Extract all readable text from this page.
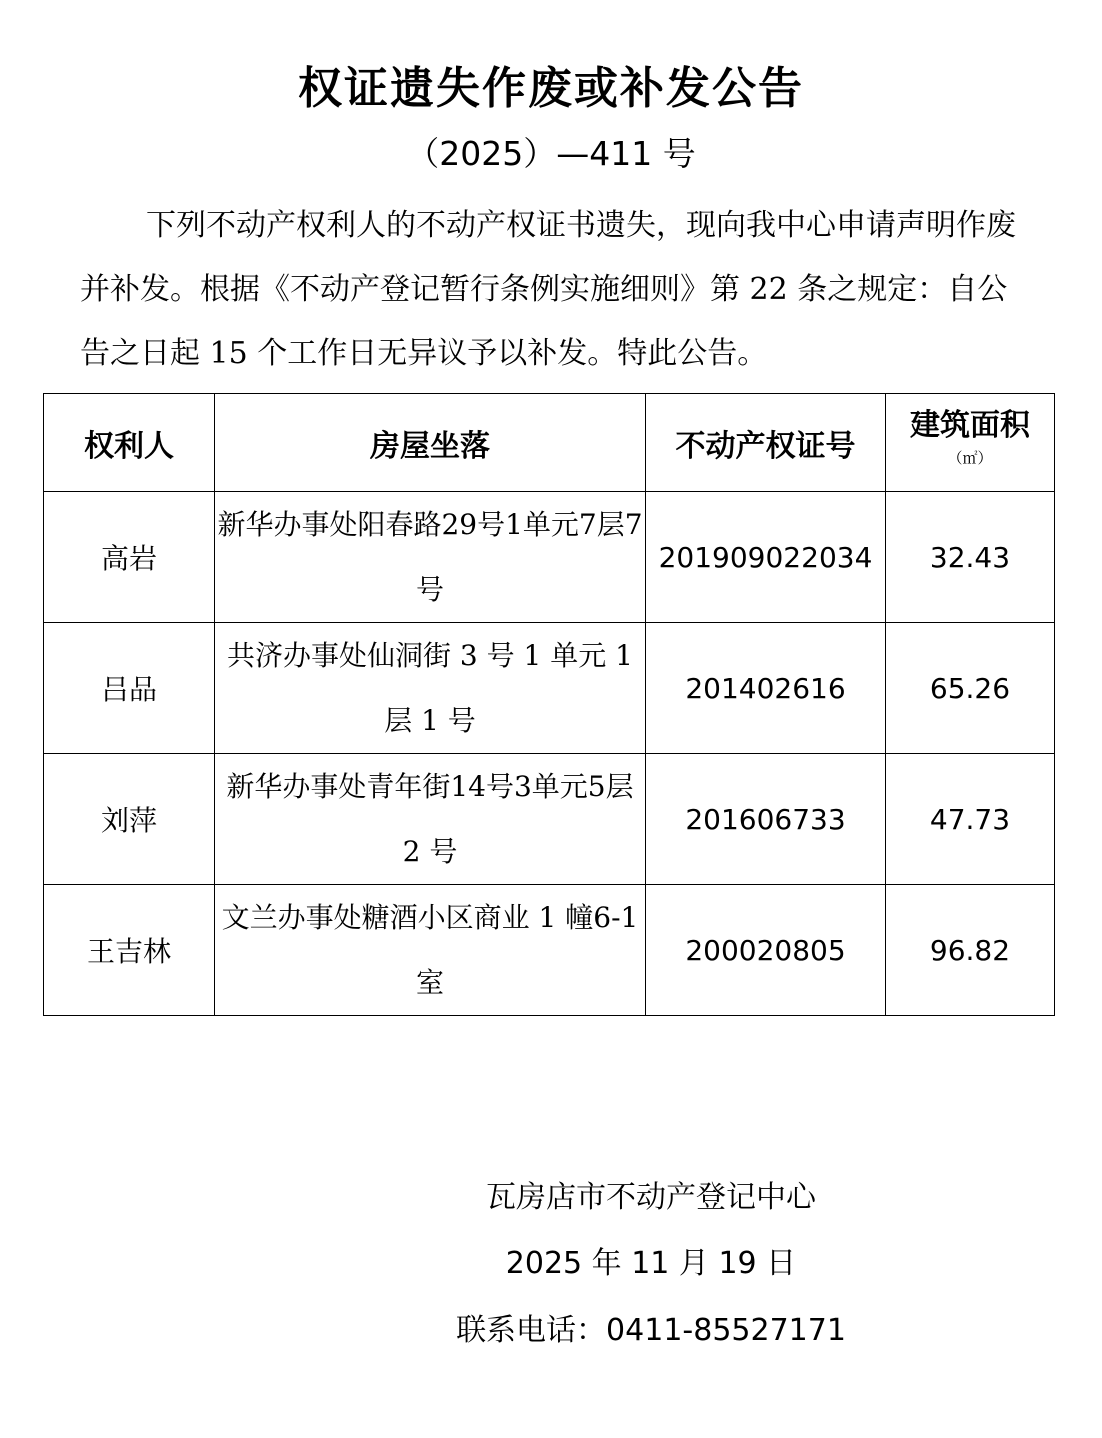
权证遗失作废或补发公告
（2025）—411 号
下列不动产权利人的不动产权证书遗失，现向我中心申请声明作废并补发。根据《不动产登记暂行条例实施细则》第 22 条之规定：自公告之日起 15 个工作日无异议予以补发。特此公告。
权利人	房屋坐落	不动产权证号	建筑面积
（㎡）

高岩	新华办事处阳春路29号1单元7层7号	201909022034	32.43
吕品	共济办事处仙洞街 3 号 1 单元 1层 1 号	201402616	65.26
刘萍	新华办事处青年街14号3单元5层 2 号	201606733	47.73
王吉林	文兰办事处糖酒小区商业 1 幢6-1 室	200020805	96.82
瓦房店市不动产登记中心
2025 年 11 月 19 日
联系电话：0411-85527171
